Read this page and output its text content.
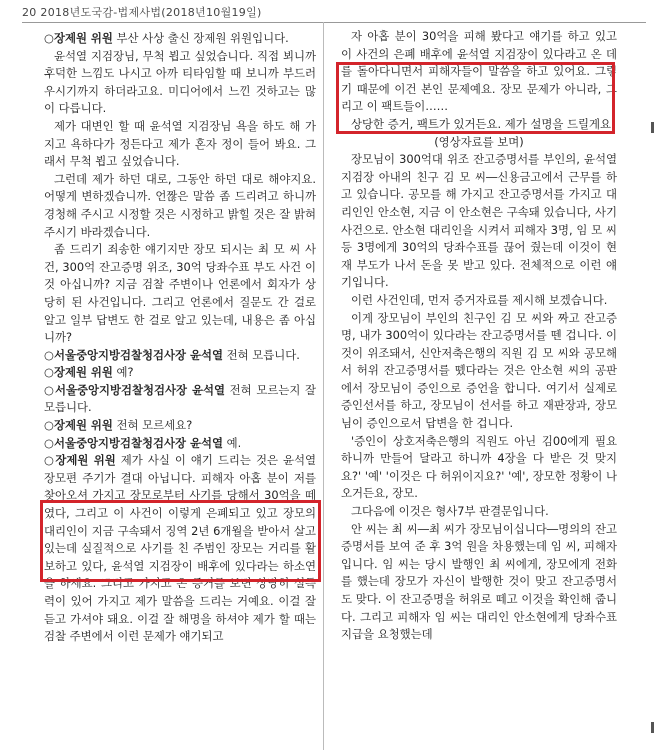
20 2018년도국감-법제사법(2018년10월19일)

○장제원 위원 부산 사상 출신 장제원 위원입니다.

윤석열 지검장님, 무척 뵙고 싶었습니다. 직접 뵈니까 후덕한 느낌도 나시고 아까 티타임할 때 보니까 부드러우시기까지 하더라고요. 미디어에서 느낀 것하고는 많이 다릅니다.

제가 대변인 할 때 윤석열 지검장님 욕을 하도 해 가지고 욕하다가 정든다고 제가 혼자 정이 들어 봐요. 그래서 무척 뵙고 싶었습니다.

그런데 제가 하던 대로, 그동안 하던 대로 해야지요. 어떻게 변하겠습니까. 언짢은 말씀 좀 드리려고 하니까 경청해 주시고 시정할 것은 시정하고 밝힐 것은 잘 밝혀 주시기 바라겠습니다.

좀 드리기 죄송한 얘기지만 장모 되시는 최 모 씨 사건, 300억 잔고증명 위조, 30억 당좌수표 부도 사건 이것 아십니까? 지금 검찰 주변이나 언론에서 회자가 상당히 된 사건입니다. 그리고 언론에서 질문도 간 걸로 알고 일부 답변도 한 걸로 알고 있는데, 내용은 좀 아십니까?

○서울중앙지방검찰청검사장 윤석열 전혀 모릅니다.

○장제원 위원 예?

○서울중앙지방검찰청검사장 윤석열 전혀 모르는지 잘 모릅니다.

○장제원 위원 전혀 모르세요?

○서울중앙지방검찰청검사장 윤석열 예.

○장제원 위원 제가 사실 이 얘기 드리는 것은 윤석열 장모편 주기가 결대 아닙니다. 피해자 아홉 분이 저를 찾아오셔 가지고 장모로부터 사기를 당해서 30억을 떼였다, 그리고 이 사건이 이렇게 은폐되고 있고 장모의 대리인이 지금 구속돼서 징역 2년 6개월을 받아서 살고 있는데 실질적으로 사기를 친 주범인 장모는 거리를 활보하고 있다, 윤석열 지검장이 배후에 있다라는 하소연을 하세요. 그리고 가지고 온 증거를 보면 상당히 설득력이 있어 가지고 제가 말씀을 드리는 거예요. 이걸 잘 듣고 가셔야 돼요. 이걸 잘 해명을 하셔야 제가 할 때는 검찰 주변에서 이런 문제가 얘기되고

자 아홉 분이 30억을 피해 봤다고 얘기를 하고 있고 이 사건의 은폐 배후에 윤석열 지검장이 있다라고 온 데를 돌아다니면서 피해자들이 말씀을 하고 있어요. 그렇기 때문에 이건 본인 문제예요. 장모 문제가 아니라, 그리고 이 팩트들이……

상당한 증거, 팩트가 있거든요. 제가 설명을 드릴게요.

(영상자료를 보며)

장모님이 300억대 위조 잔고증명서를 부인의, 윤석열 지검장 아내의 친구 김 모 씨―신용금고에서 근무를 하고 있습니다. 공모를 해 가지고 잔고증명서를 가지고 대리인인 안소현, 지금 이 안소현은 구속돼 있습니다, 사기사건으로. 안소현 대리인을 시켜서 피해자 3명, 임 모 씨 등 3명에게 30억의 당좌수표를 끊어 줬는데 이것이 현재 부도가 나서 돈을 못 받고 있다. 전체적으로 이런 얘기입니다.

이런 사건인데, 먼저 증거자료를 제시해 보겠습니다.

이게 장모님이 부인의 친구인 김 모 씨와 짜고 잔고증명, 내가 300억이 있다라는 잔고증명서를 뗀 겁니다. 이것이 위조돼서, 신안저축은행의 직원 김 모 씨와 공모해서 허위 잔고증명서를 뗐다라는 것은 안소현 씨의 공판에서 장모님이 증인으로 증언을 합니다. 여기서 실제로 증인선서를 하고, 장모님이 선서를 하고 재판장과, 장모님이 증인으로서 답변을 한 겁니다.

'증인이 상호저축은행의 직원도 아닌 김00에게 필요하니까 만들어 달라고 하니까 4장을 다 받은 것 맞지요?' '예' '이것은 다 허위이지요?' '예', 장모한 정황이 나오거든요, 장모.

그다음에 이것은 형사7부 판결문입니다.

안 씨는 최 씨―최 씨가 장모님이십니다―명의의 잔고증명서를 보여 준 후 3억 원을 차용했는데 임 씨, 피해자입니다. 임 씨는 당시 발행인 최 씨에게, 장모에게 전화를 했는데 장모가 자신이 발행한 것이 맞고 잔고증명서도 맞다. 이 잔고증명을 허위로 떼고 이것을 확인해 줍니다. 그리고 피해자 임 씨는 대리인 안소현에게 당좌수표 지급을 요청했는데
